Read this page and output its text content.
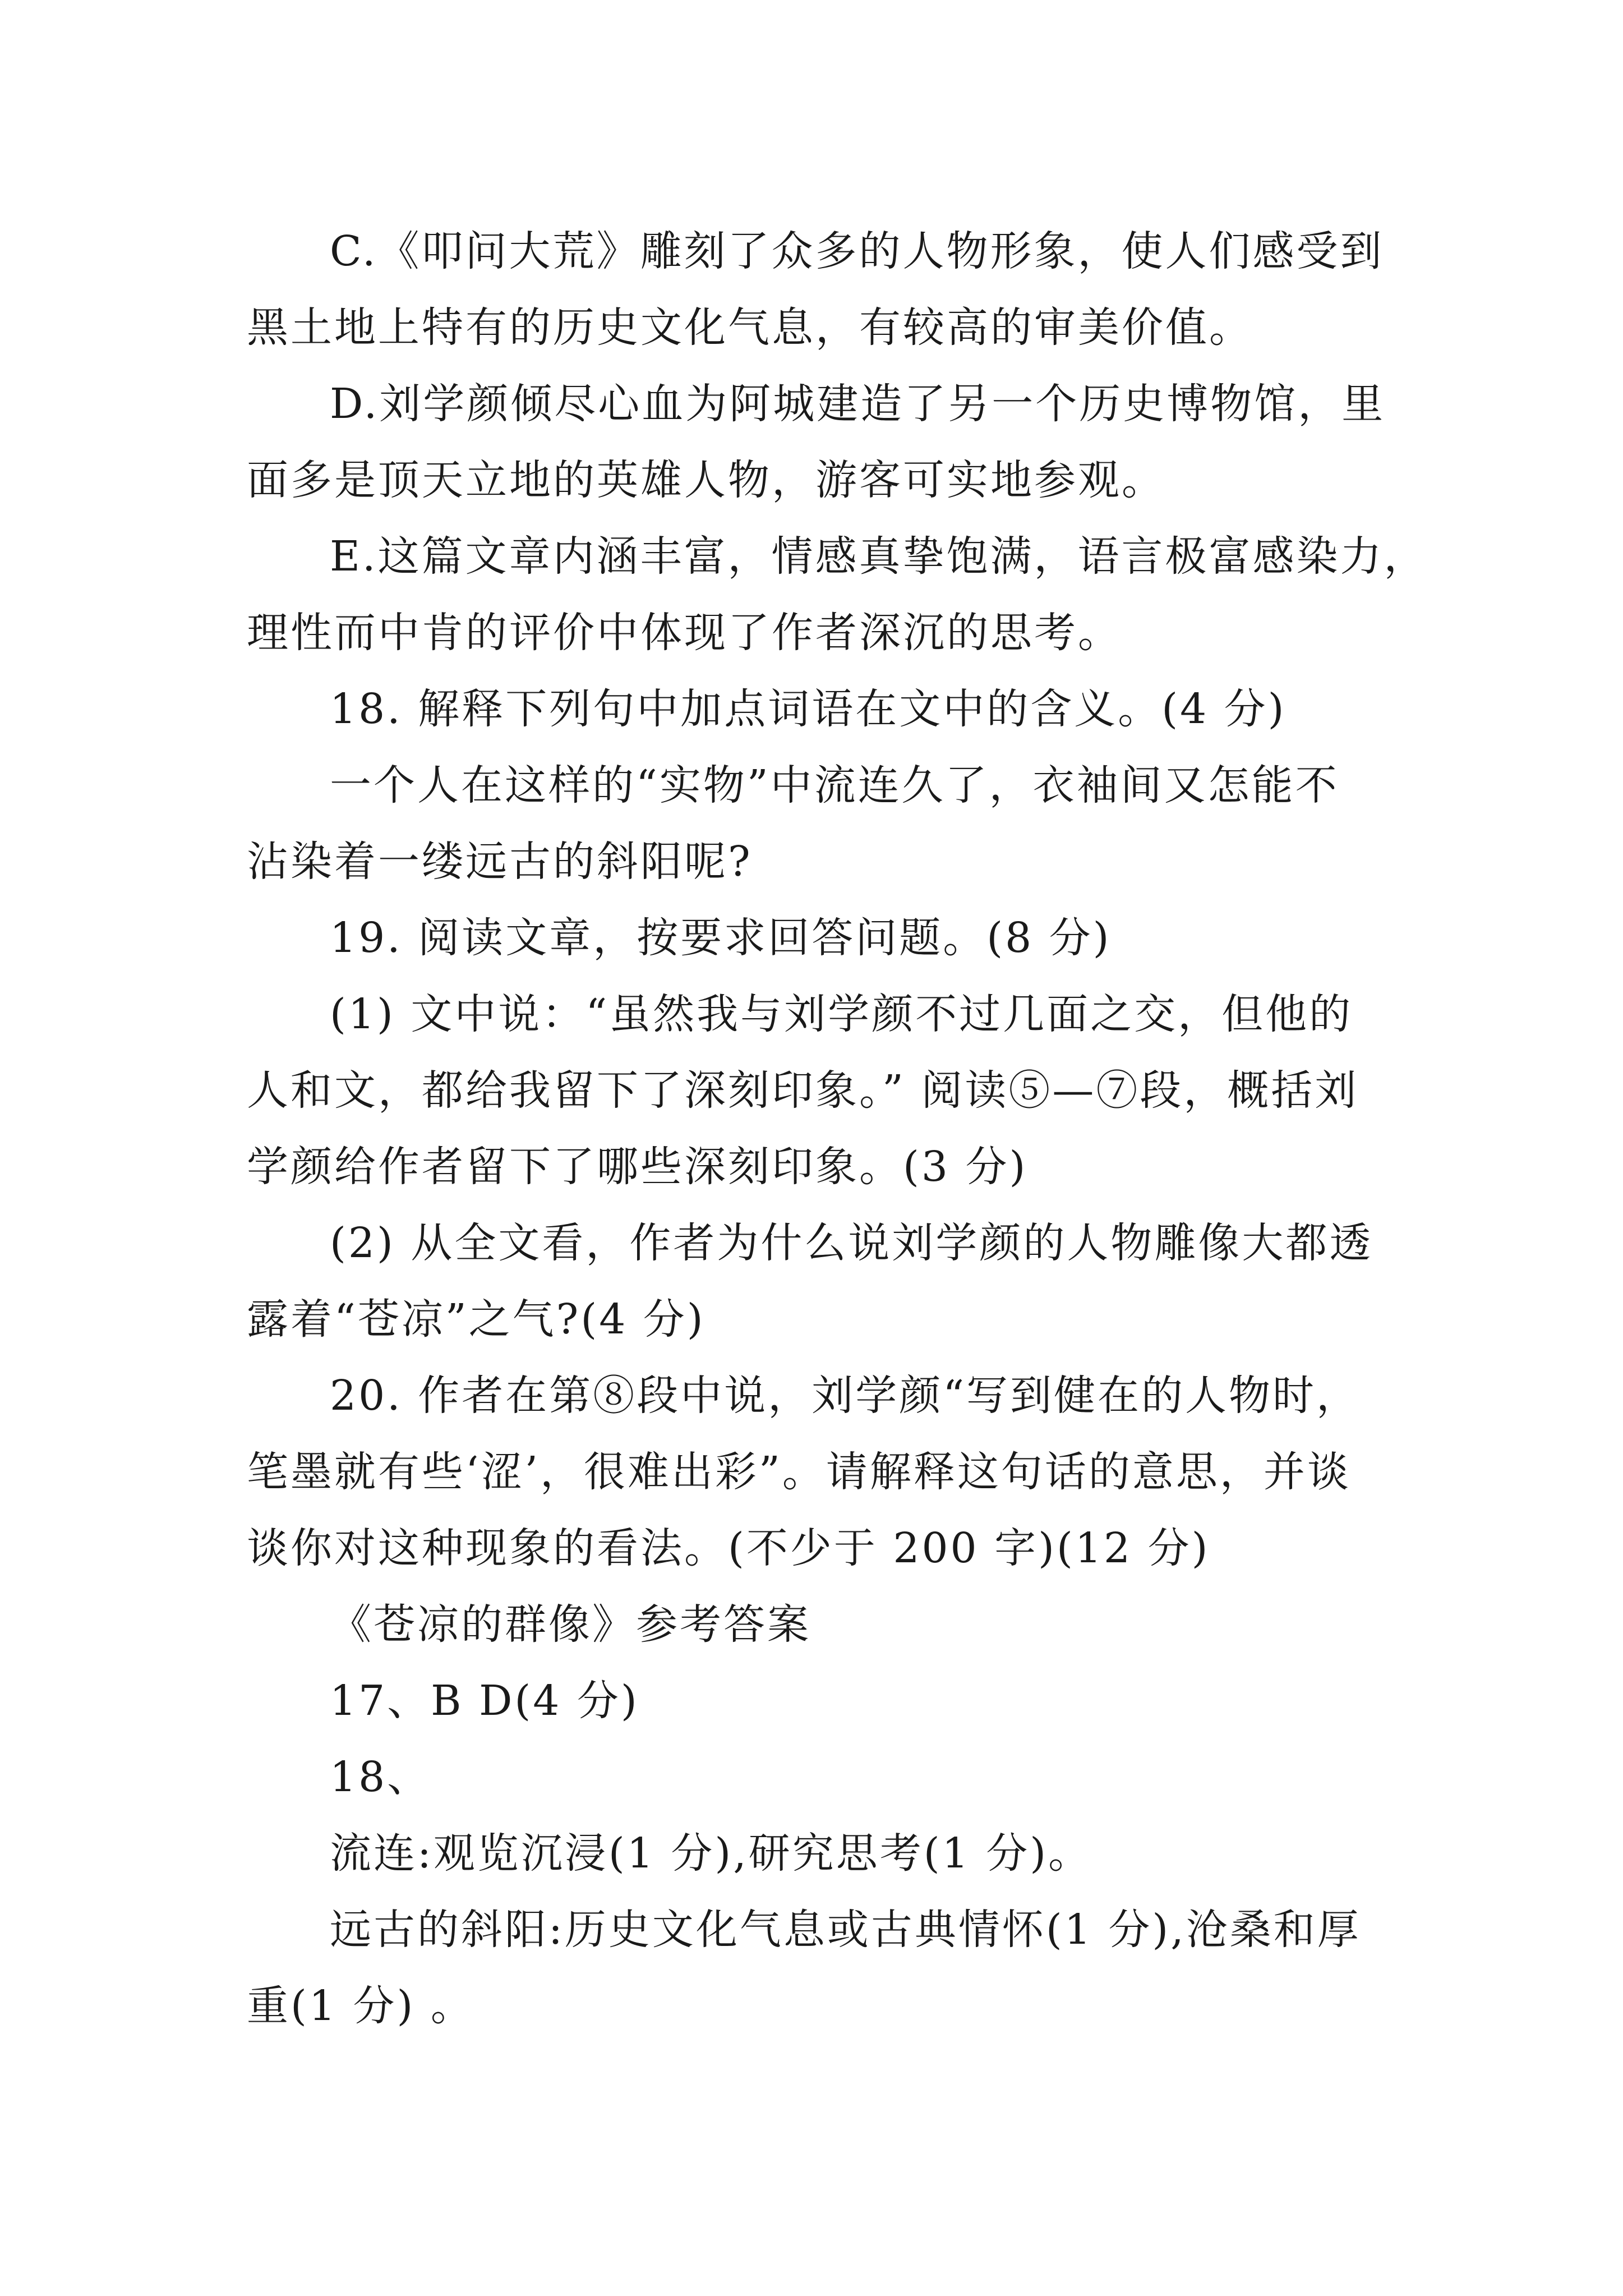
C.《叩问大荒》雕刻了众多的人物形象，使人们感受到
黑土地上特有的历史文化气息，有较高的审美价值。
D.刘学颜倾尽心血为阿城建造了另一个历史博物馆，里
面多是顶天立地的英雄人物，游客可实地参观。
E.这篇文章内涵丰富，情感真挚饱满，语言极富感染力，
理性而中肯的评价中体现了作者深沉的思考。
18. 解释下列句中加点词语在文中的含义。(4 分)
一个人在这样的“实物”中流连久了，衣袖间又怎能不
沾染着一缕远古的斜阳呢?
19. 阅读文章，按要求回答问题。(8 分)
(1) 文中说：“虽然我与刘学颜不过几面之交，但他的
人和文，都给我留下了深刻印象。” 阅读⑤—⑦段，概括刘
学颜给作者留下了哪些深刻印象。(3 分)
(2) 从全文看，作者为什么说刘学颜的人物雕像大都透
露着“苍凉”之气?(4 分)
20. 作者在第⑧段中说，刘学颜“写到健在的人物时，
笔墨就有些‘涩’，很难出彩”。请解释这句话的意思，并谈
谈你对这种现象的看法。(不少于 200 字)(12 分)
《苍凉的群像》参考答案
17、B D(4 分)
18、
流连:观览沉浸(1 分),研究思考(1 分)。
远古的斜阳:历史文化气息或古典情怀(1 分),沧桑和厚
重(1 分) 。
